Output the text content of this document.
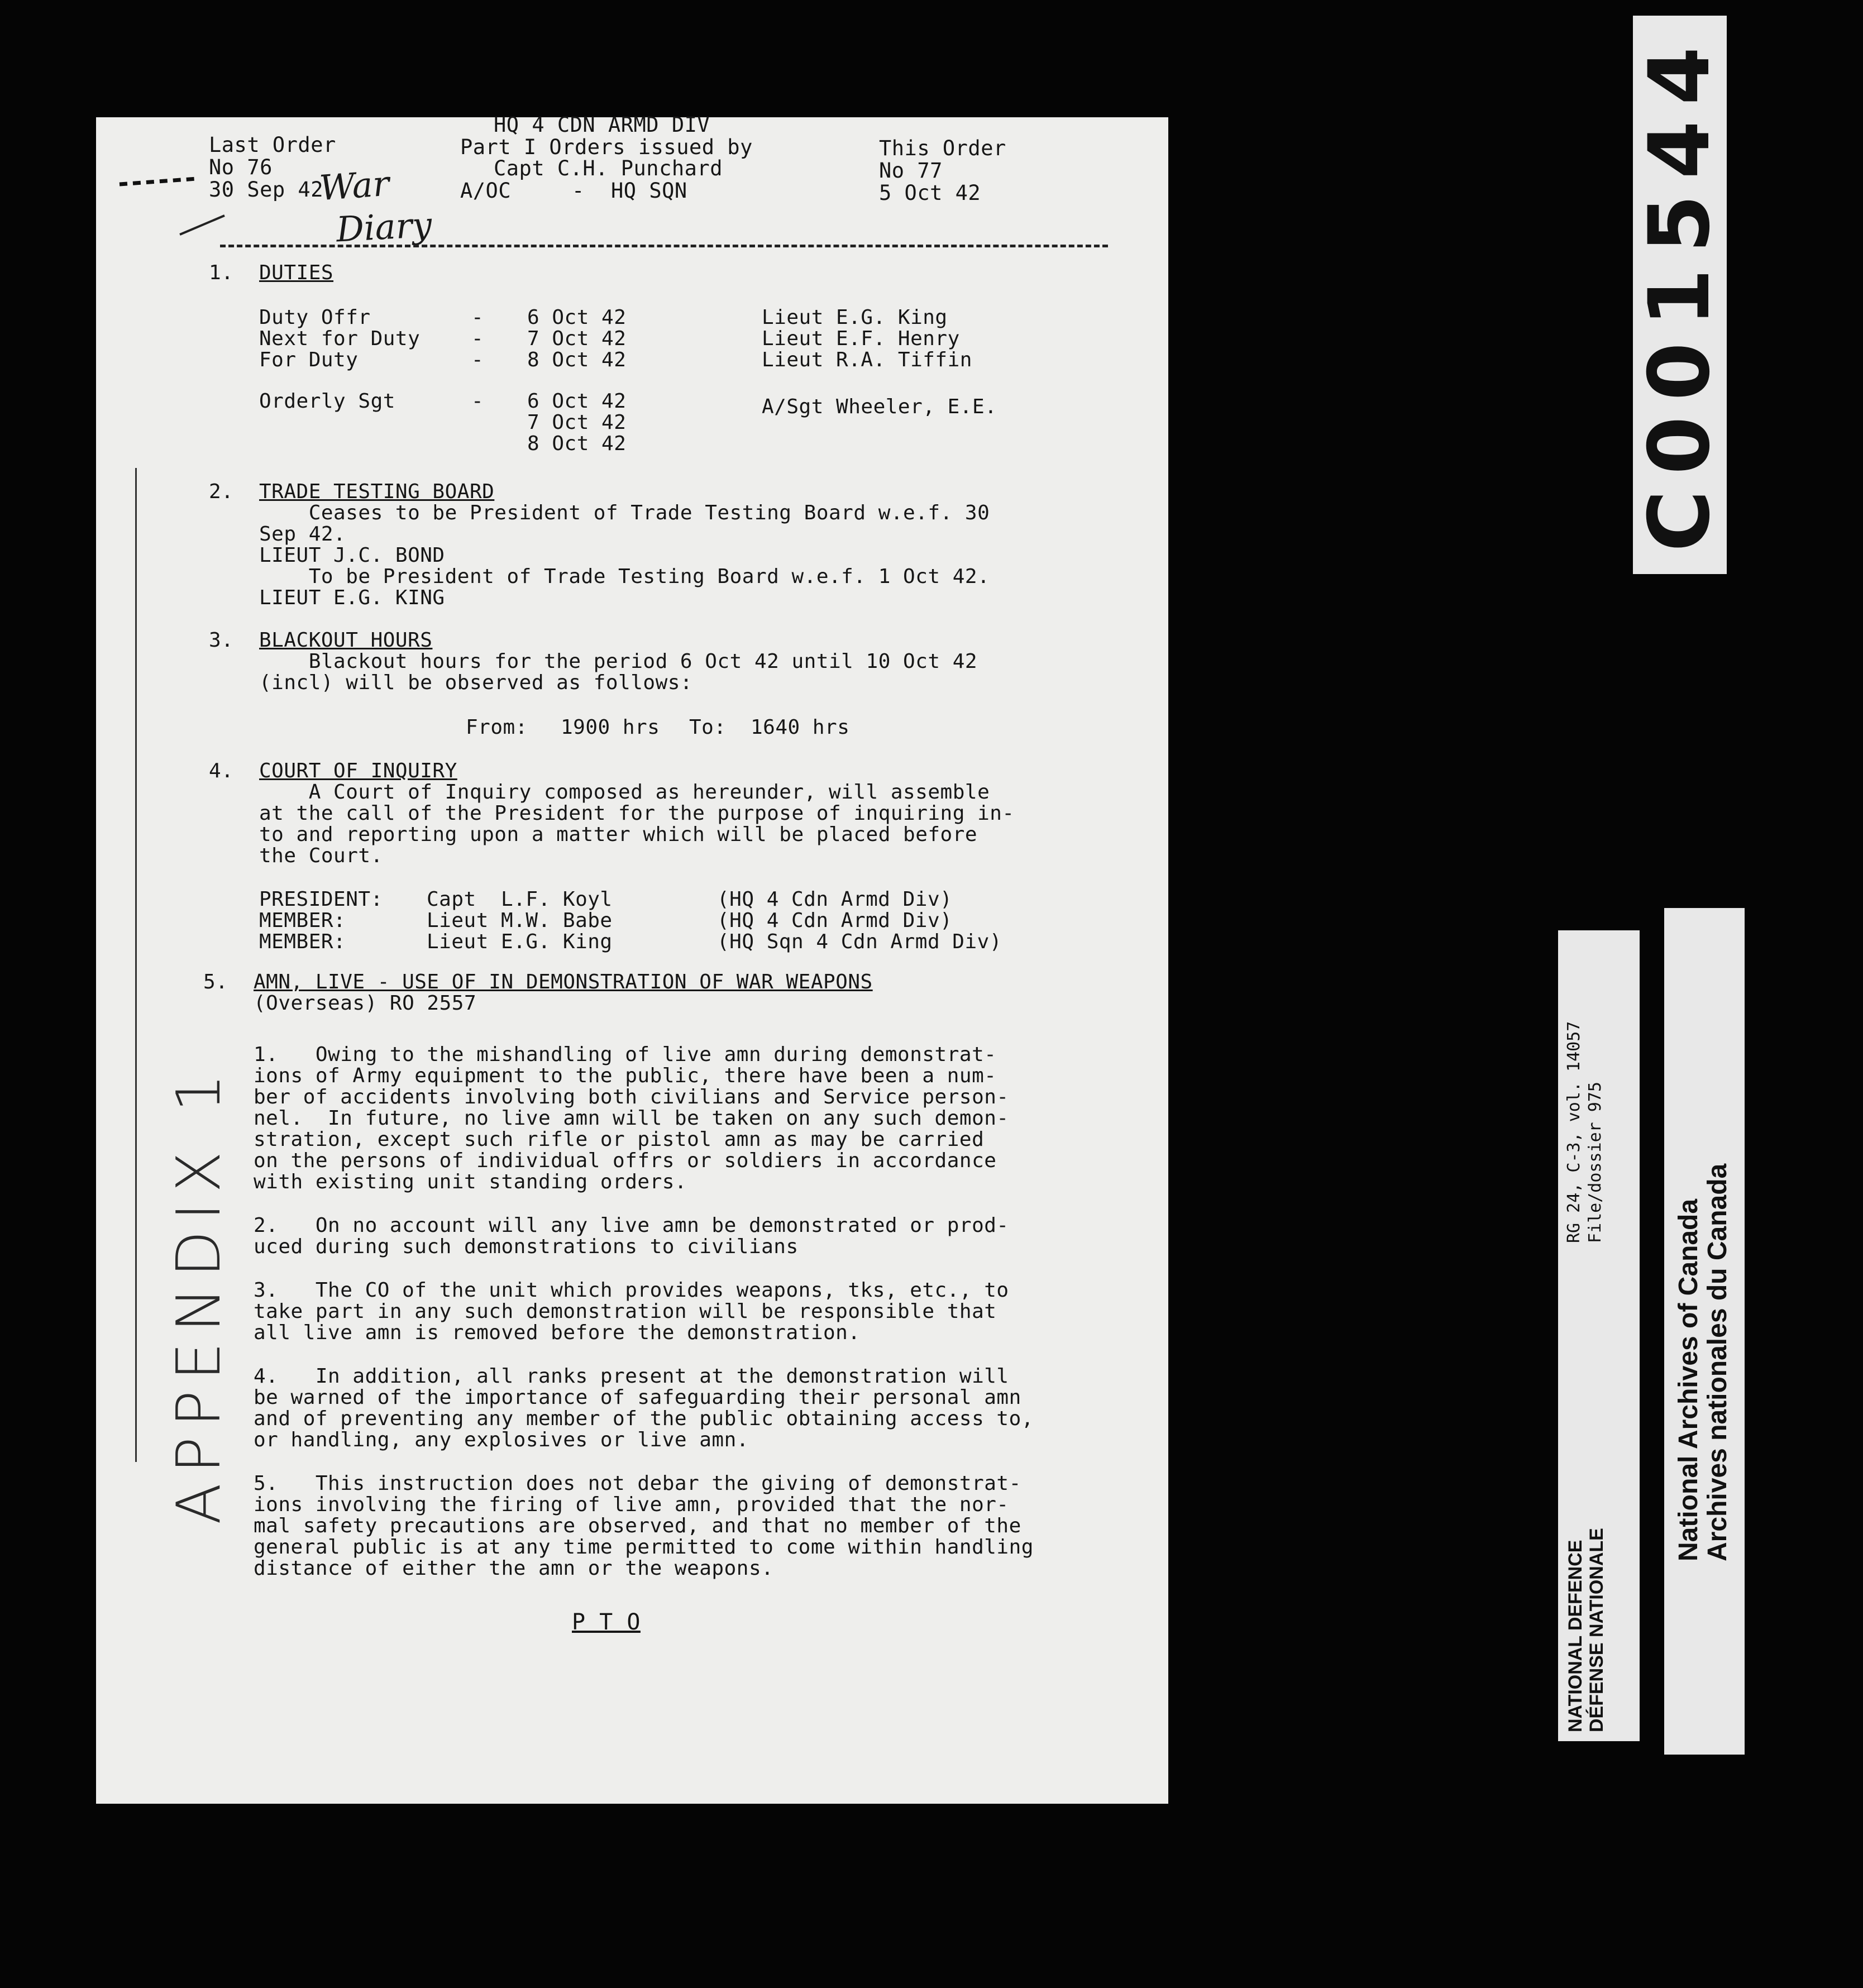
Last Order
No 76
30 Sep 42
HQ 4 CDN ARMD DIV
Part I Orders issued by
Capt C.H. Punchard
A/OC	- HQ SQN
This Order
No 77
5 Oct 42
War
Diary
1. DUTIES
Duty Offr	- 6 Oct 42	Lieut E.G. King
Next for Duty	- 7 Oct 42	Lieut E.F. Henry
For Duty	- 8 Oct 42	Lieut R.A. Tiffin
Orderly Sgt	- 6 Oct 42
7 Oct 42
8 Oct 42
A/Sgt Wheeler, E.E.
2. TRADE TESTING BOARD
Ceases to be President of Trade Testing Board w.e.f. 30
Sep 42.
LIEUT J.C. BOND
To be President of Trade Testing Board w.e.f. 1 Oct 42.
LIEUT E.G. KING
3. BLACKOUT HOURS
Blackout hours for the period 6 Oct 42 until 10 Oct 42
(incl) will be observed as follows:
From: 1900 hrs To: 1640 hrs
4. COURT OF INQUIRY
A Court of Inquiry composed as hereunder, will assemble
at the call of the President for the purpose of inquiring in-
to and reporting upon a matter which will be placed before
the Court.
PRESIDENT: Capt  L.F. Koyl	(HQ 4 Cdn Armd Div)
MEMBER:	Lieut M.W. Babe	(HQ 4 Cdn Armd Div)
MEMBER:	Lieut E.G. King	(HQ Sqn 4 Cdn Armd Div)
5. AMN, LIVE - USE OF IN DEMONSTRATION OF WAR WEAPONS
(Overseas) RO 2557
1.   Owing to the mishandling of live amn during demonstrat-
ions of Army equipment to the public, there have been a num-
ber of accidents involving both civilians and Service person-
nel.  In future, no live amn will be taken on any such demon-
stration, except such rifle or pistol amn as may be carried
on the persons of individual offrs or soldiers in accordance
with existing unit standing orders.
2.   On no account will any live amn be demonstrated or prod-
uced during such demonstrations to civilians
3.   The CO of the unit which provides weapons, tks, etc., to
take part in any such demonstration will be responsible that
all live amn is removed before the demonstration.
4.   In addition, all ranks present at the demonstration will
be warned of the importance of safeguarding their personal amn
and of preventing any member of the public obtaining access to,
or handling, any explosives or live amn.
5.   This instruction does not debar the giving of demonstrat-
ions involving the firing of live amn, provided that the nor-
mal safety precautions are observed, and that no member of the
general public is at any time permitted to come within handling
distance of either the amn or the weapons.
P T O
APPENDIX 1
C001544
NATIONAL DEFENCE DÉFENSE NATIONALE
RG 24, C-3, vol. 14057 File/dossier 975
National Archives of Canada Archives nationales du Canada
